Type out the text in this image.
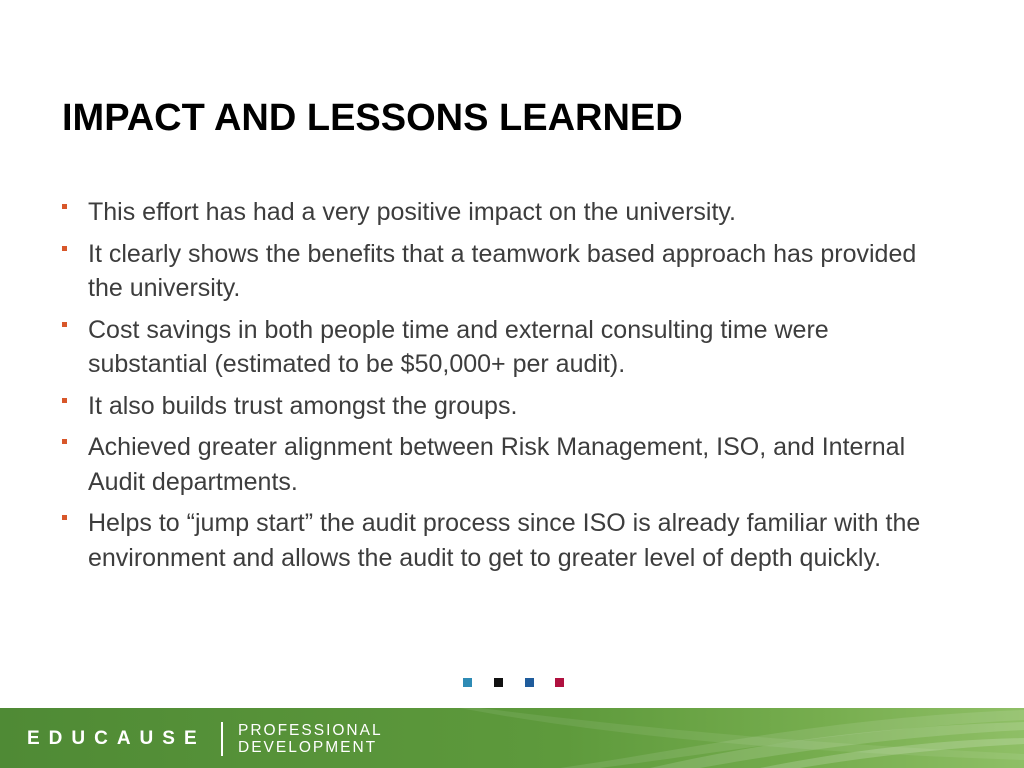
IMPACT AND LESSONS LEARNED
This effort has had a very positive impact on the university.
It clearly shows the benefits that a teamwork based approach has provided the university.
Cost savings in both people time and external consulting time were substantial (estimated to be $50,000+ per audit).
It also builds trust amongst the groups.
Achieved greater alignment between Risk Management, ISO, and Internal Audit departments.
Helps to “jump start” the audit process since ISO is already familiar with the environment and allows the audit to get to greater level of depth quickly.
EDUCAUSE PROFESSIONAL
DEVELOPMENT
